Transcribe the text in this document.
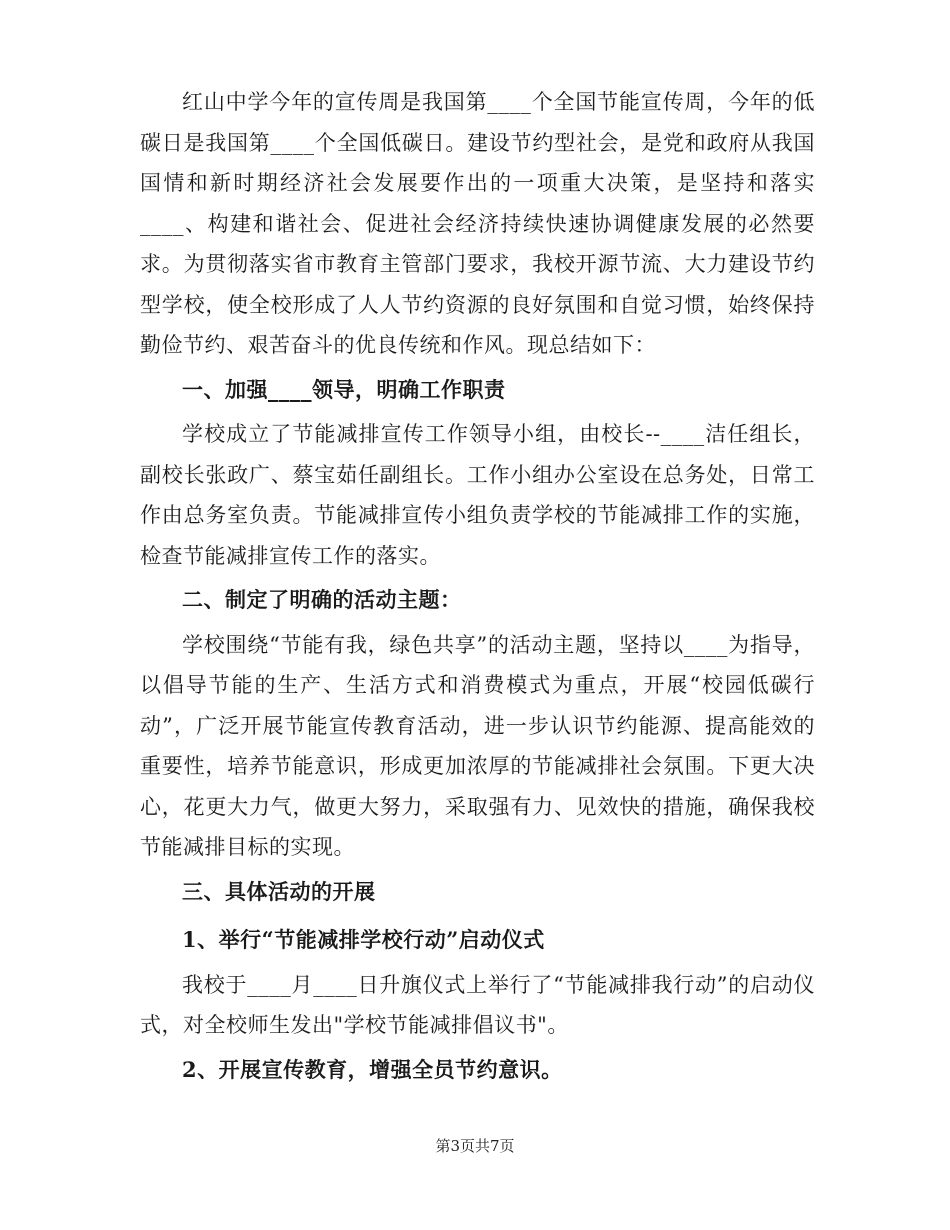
红山中学今年的宣传周是我国第____个全国节能宣传周，今年的低碳日是我国第____个全国低碳日。建设节约型社会，是党和政府从我国国情和新时期经济社会发展要作出的一项重大决策，是坚持和落实____、构建和谐社会、促进社会经济持续快速协调健康发展的必然要求。为贯彻落实省市教育主管部门要求，我校开源节流、大力建设节约型学校，使全校形成了人人节约资源的良好氛围和自觉习惯，始终保持勤俭节约、艰苦奋斗的优良传统和作风。现总结如下：

一、加强____领导，明确工作职责

学校成立了节能减排宣传工作领导小组，由校长--____洁任组长，副校长张政广、蔡宝茹任副组长。工作小组办公室设在总务处，日常工作由总务室负责。节能减排宣传小组负责学校的节能减排工作的实施，检查节能减排宣传工作的落实。

二、制定了明确的活动主题：

学校围绕“节能有我，绿色共享”的活动主题，坚持以____为指导，以倡导节能的生产、生活方式和消费模式为重点，开展“校园低碳行动”，广泛开展节能宣传教育活动，进一步认识节约能源、提高能效的重要性，培养节能意识，形成更加浓厚的节能减排社会氛围。下更大决心，花更大力气，做更大努力，采取强有力、见效快的措施，确保我校节能减排目标的实现。

三、具体活动的开展

1、举行“节能减排学校行动”启动仪式

我校于____月____日升旗仪式上举行了“节能减排我行动”的启动仪式，对全校师生发出"学校节能减排倡议书"。

2、开展宣传教育，增强全员节约意识。

第3页共7页
